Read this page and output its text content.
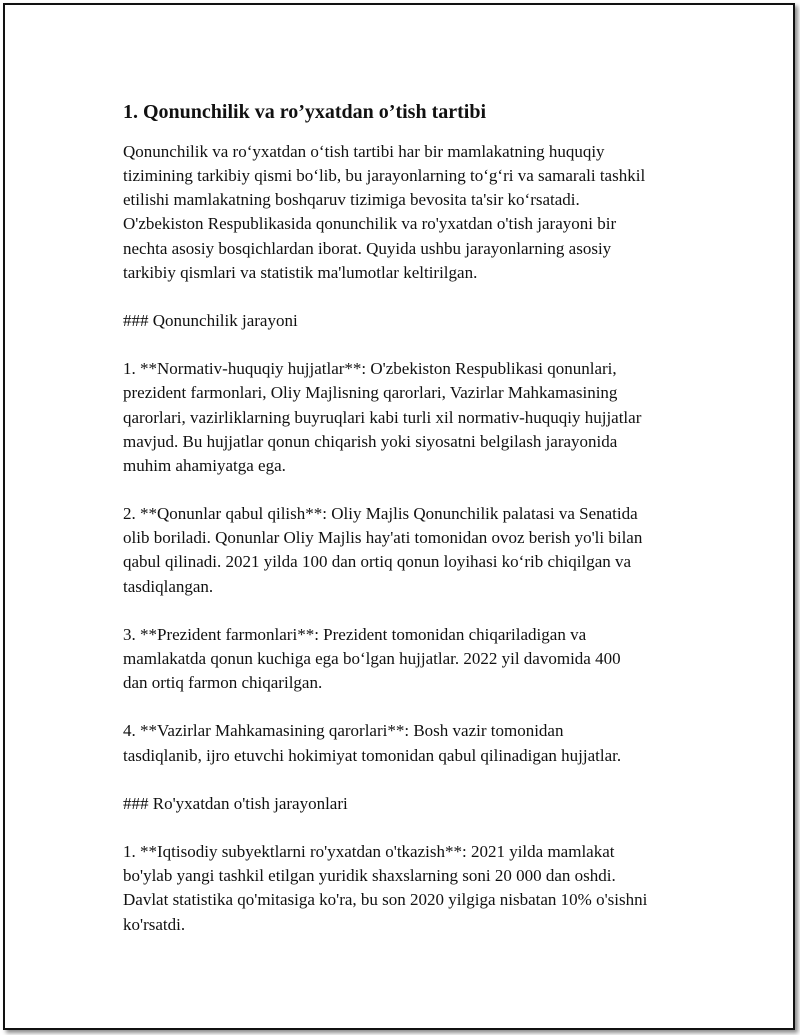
1. Qonunchilik va ro’yxatdan o’tish tartibi
Qonunchilik va ro‘yxatdan o‘tish tartibi har bir mamlakatning huquqiy
tizimining tarkibiy qismi bo‘lib, bu jarayonlarning to‘g‘ri va samarali tashkil
etilishi mamlakatning boshqaruv tizimiga bevosita ta'sir ko‘rsatadi.
O'zbekiston Respublikasida qonunchilik va ro'yxatdan o'tish jarayoni bir
nechta asosiy bosqichlardan iborat. Quyida ushbu jarayonlarning asosiy
tarkibiy qismlari va statistik ma'lumotlar keltirilgan.
### Qonunchilik jarayoni
1. **Normativ-huquqiy hujjatlar**: O'zbekiston Respublikasi qonunlari,
prezident farmonlari, Oliy Majlisning qarorlari, Vazirlar Mahkamasining
qarorlari, vazirliklarning buyruqlari kabi turli xil normativ-huquqiy hujjatlar
mavjud. Bu hujjatlar qonun chiqarish yoki siyosatni belgilash jarayonida
muhim ahamiyatga ega.
2. **Qonunlar qabul qilish**: Oliy Majlis Qonunchilik palatasi va Senatida
olib boriladi. Qonunlar Oliy Majlis hay'ati tomonidan ovoz berish yo'li bilan
qabul qilinadi. 2021 yilda 100 dan ortiq qonun loyihasi ko‘rib chiqilgan va
tasdiqlangan.
3. **Prezident farmonlari**: Prezident tomonidan chiqariladigan va
mamlakatda qonun kuchiga ega bo‘lgan hujjatlar. 2022 yil davomida 400
dan ortiq farmon chiqarilgan.
4. **Vazirlar Mahkamasining qarorlari**: Bosh vazir tomonidan
tasdiqlanib, ijro etuvchi hokimiyat tomonidan qabul qilinadigan hujjatlar.
### Ro'yxatdan o'tish jarayonlari
1. **Iqtisodiy subyektlarni ro'yxatdan o'tkazish**: 2021 yilda mamlakat
bo'ylab yangi tashkil etilgan yuridik shaxslarning soni 20 000 dan oshdi.
Davlat statistika qo'mitasiga ko'ra, bu son 2020 yilgiga nisbatan 10% o'sishni
ko'rsatdi.
